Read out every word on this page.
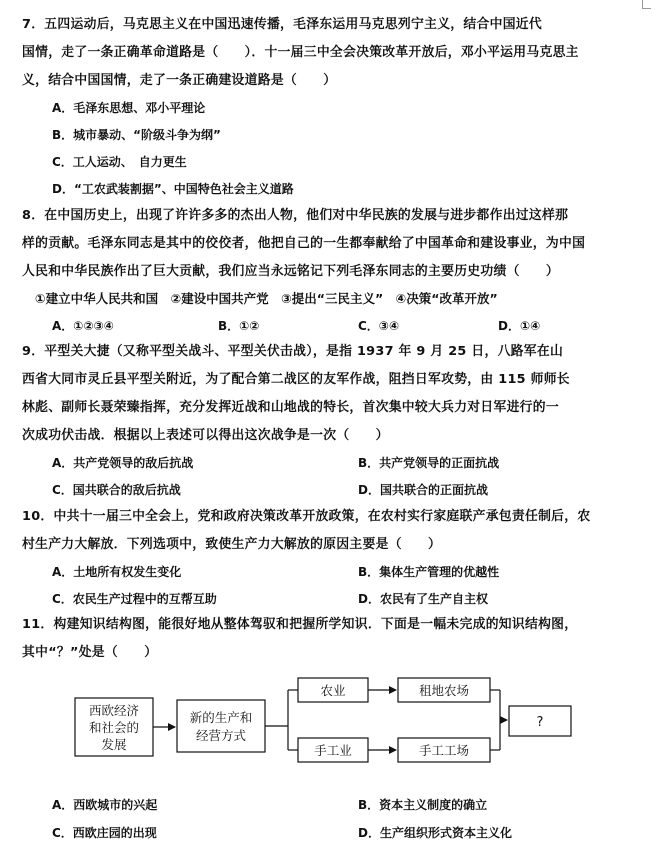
7．五四运动后，马克思主义在中国迅速传播，毛泽东运用马克思列宁主义，结合中国近代
国情，走了一条正确革命道路是（　　）．十一届三中全会决策改革开放后，邓小平运用马克思主
义，结合中国国情，走了一条正确建设道路是（　　）
A．毛泽东思想、邓小平理论
B．城市暴动、“阶级斗争为纲”
C．工人运动、　自力更生
D．“工农武装割据”、中国特色社会主义道路
8．在中国历史上，出现了许许多多的杰出人物，他们对中华民族的发展与进步都作出过这样那
样的贡献。毛泽东同志是其中的佼佼者，他把自己的一生都奉献给了中国革命和建设事业，为中国
人民和中华民族作出了巨大贡献，我们应当永远铭记下列毛泽东同志的主要历史功绩（　　）
①建立中华人民共和国　②建设中国共产党　③提出“三民主义”　④决策“改革开放”
A．①②③④	B．①②	C．③④	D．①④
9．平型关大捷（又称平型关战斗、平型关伏击战），是指 1937 年 9 月 25 日，八路军在山
西省大同市灵丘县平型关附近，为了配合第二战区的友军作战，阻挡日军攻势，由 115 师师长
林彪、副师长聂荣臻指挥，充分发挥近战和山地战的特长，首次集中较大兵力对日军进行的一
次成功伏击战．根据以上表述可以得出这次战争是一次（　　）
A．共产党领导的敌后抗战	B．共产党领导的正面抗战
C．国共联合的敌后抗战	D．国共联合的正面抗战
10．中共十一届三中全会上，党和政府决策改革开放政策，在农村实行家庭联产承包责任制后，农
村生产力大解放．下列选项中，致使生产力大解放的原因主要是（　　）
A．土地所有权发生变化	B．集体生产管理的优越性
C．农民生产过程中的互帮互助	D．农民有了生产自主权
11．构建知识结构图，能很好地从整体驾驭和把握所学知识．下面是一幅未完成的知识结构图，
其中“？”处是（　　）
西欧经济
和社会的
发展
新的生产和
经营方式
农业	租地农场
手工业	手工工场
?
A．西欧城市的兴起	B．资本主义制度的确立
C．西欧庄园的出现	D．生产组织形式资本主义化
